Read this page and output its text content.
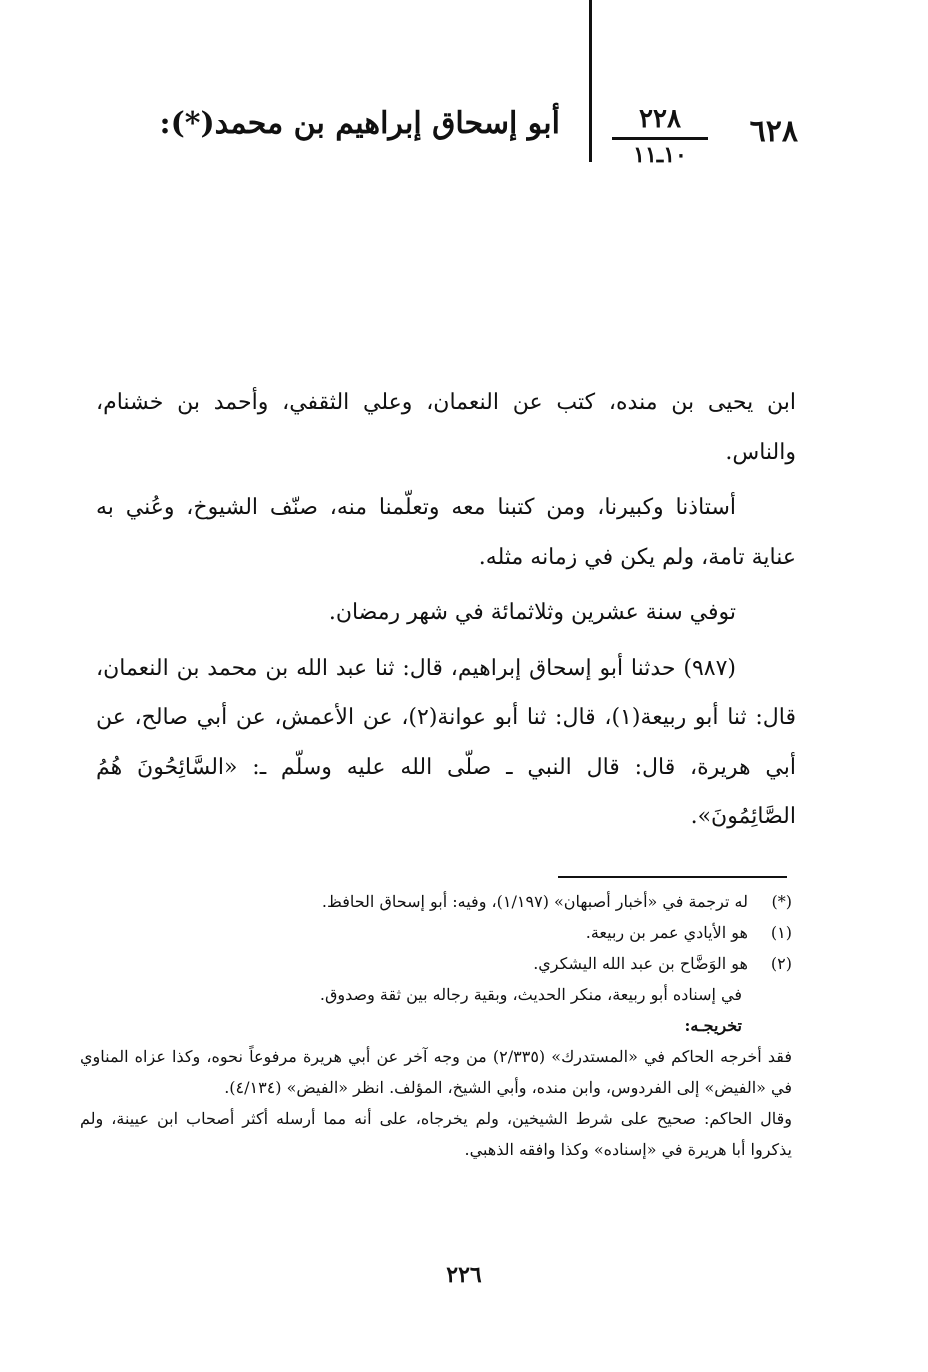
٦٢٨
٢٢٨
١٠ـ١١
أبو إسحاق إبراهيم بن محمد(*):

ابن يحيى بن منده، كتب عن النعمان، وعلي الثقفي، وأحمد بن خشنام، والناس.

أستاذنا وكبيرنا، ومن كتبنا معه وتعلّمنا منه، صنّف الشيوخ، وعُني به عناية تامة، ولم يكن في زمانه مثله.

توفي سنة عشرين وثلاثمائة في شهر رمضان.

(٩٨٧) حدثنا أبو إسحاق إبراهيم، قال: ثنا عبد الله بن محمد بن النعمان، قال: ثنا أبو ربيعة(١)، قال: ثنا أبو عوانة(٢)، عن الأعمش، عن أبي صالح، عن أبي هريرة، قال: قال النبي ـ صلّى الله عليه وسلّم ـ: «السَّائِحُونَ هُمُ الصَّائِمُونَ».

(*)له ترجمة في «أخبار أصبهان» (١/١٩٧)، وفيه: أبو إسحاق الحافظ.

(١)هو الأيادي عمر بن ربيعة.

(٢)هو الوَضَّاح بن عبد الله اليشكري.

في إسناده أبو ربيعة، منكر الحديث، وبقية رجاله بين ثقة وصدوق.

تخريجـه:

فقد أخرجه الحاكم في «المستدرك» (٢/٣٣٥) من وجه آخر عن أبي هريرة مرفوعاً نحوه، وكذا عزاه المناوي في «الفيض» إلى الفردوس، وابن منده، وأبي الشيخ، المؤلف. انظر «الفيض» (٤/١٣٤).

وقال الحاكم: صحيح على شرط الشيخين، ولم يخرجاه، على أنه مما أرسله أكثر أصحاب ابن عيينة، ولم يذكروا أبا هريرة في «إسناده» وكذا وافقه الذهبي.

٢٢٦
